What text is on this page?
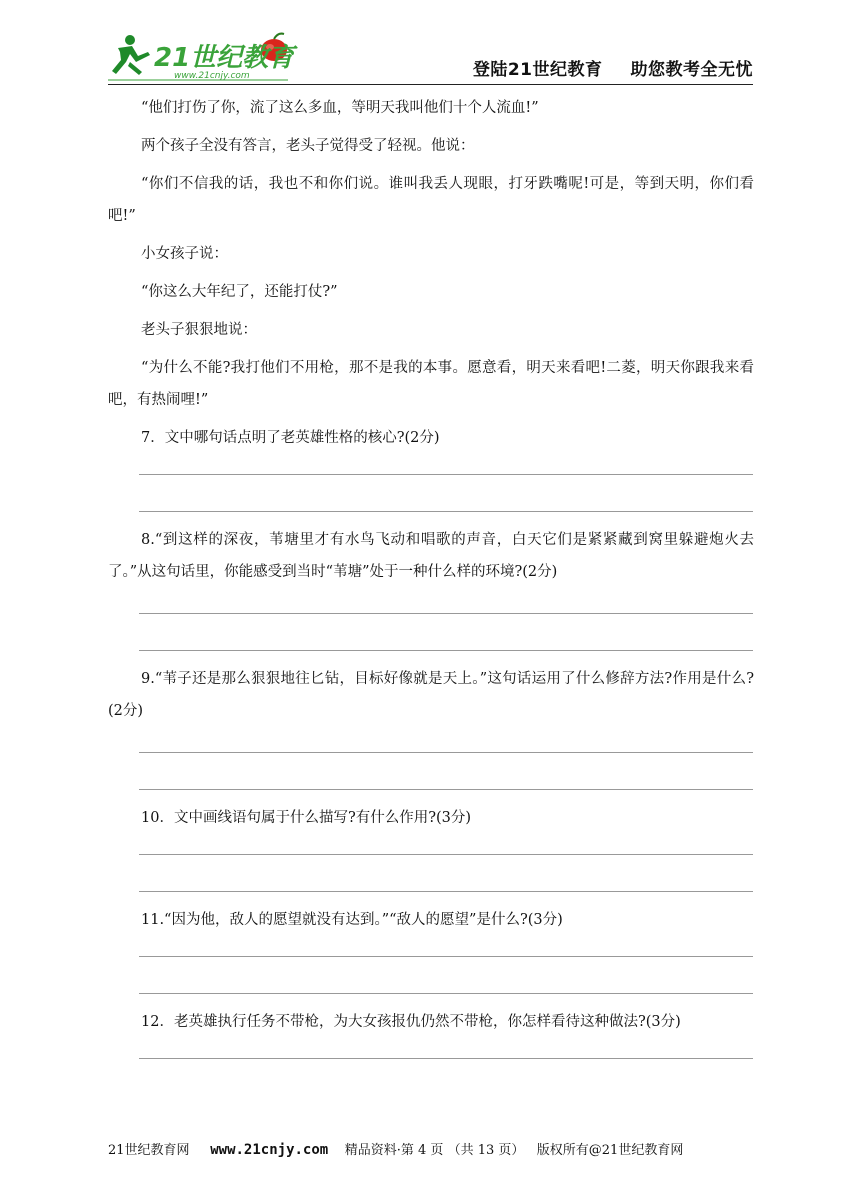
21世纪教育
www.21cnjy.com	登陆21世纪教育 助您教考全无忧

“他们打伤了你，流了这么多血，等明天我叫他们十个人流血!”

两个孩子全没有答言，老头子觉得受了轻视。他说：

“你们不信我的话，我也不和你们说。谁叫我丢人现眼，打牙跌嘴呢!可是，等到天明，你们看吧!”

小女孩子说：

“你这么大年纪了，还能打仗?”

老头子狠狠地说：

“为什么不能?我打他们不用枪，那不是我的本事。愿意看，明天来看吧!二菱，明天你跟我来看吧，有热闹哩!”

7．文中哪句话点明了老英雄性格的核心?(2分)

8.“到这样的深夜，苇塘里才有水鸟飞动和唱歌的声音，白天它们是紧紧藏到窝里躲避炮火去了。”从这句话里，你能感受到当时“苇塘”处于一种什么样的环境?(2分)

9.“苇子还是那么狠狠地往匕钻，目标好像就是天上。”这句话运用了什么修辞方法?作用是什么?(2分)

10．文中画线语句属于什么描写?有什么作用?(3分)

11.“因为他，敌人的愿望就没有达到。”“敌人的愿望”是什么?(3分)

12．老英雄执行任务不带枪，为大女孩报仇仍然不带枪，你怎样看待这种做法?(3分)

21世纪教育网 www.21cnjy.com 精品资料·第 4 页 （共 13 页） 版权所有@21世纪教育网
